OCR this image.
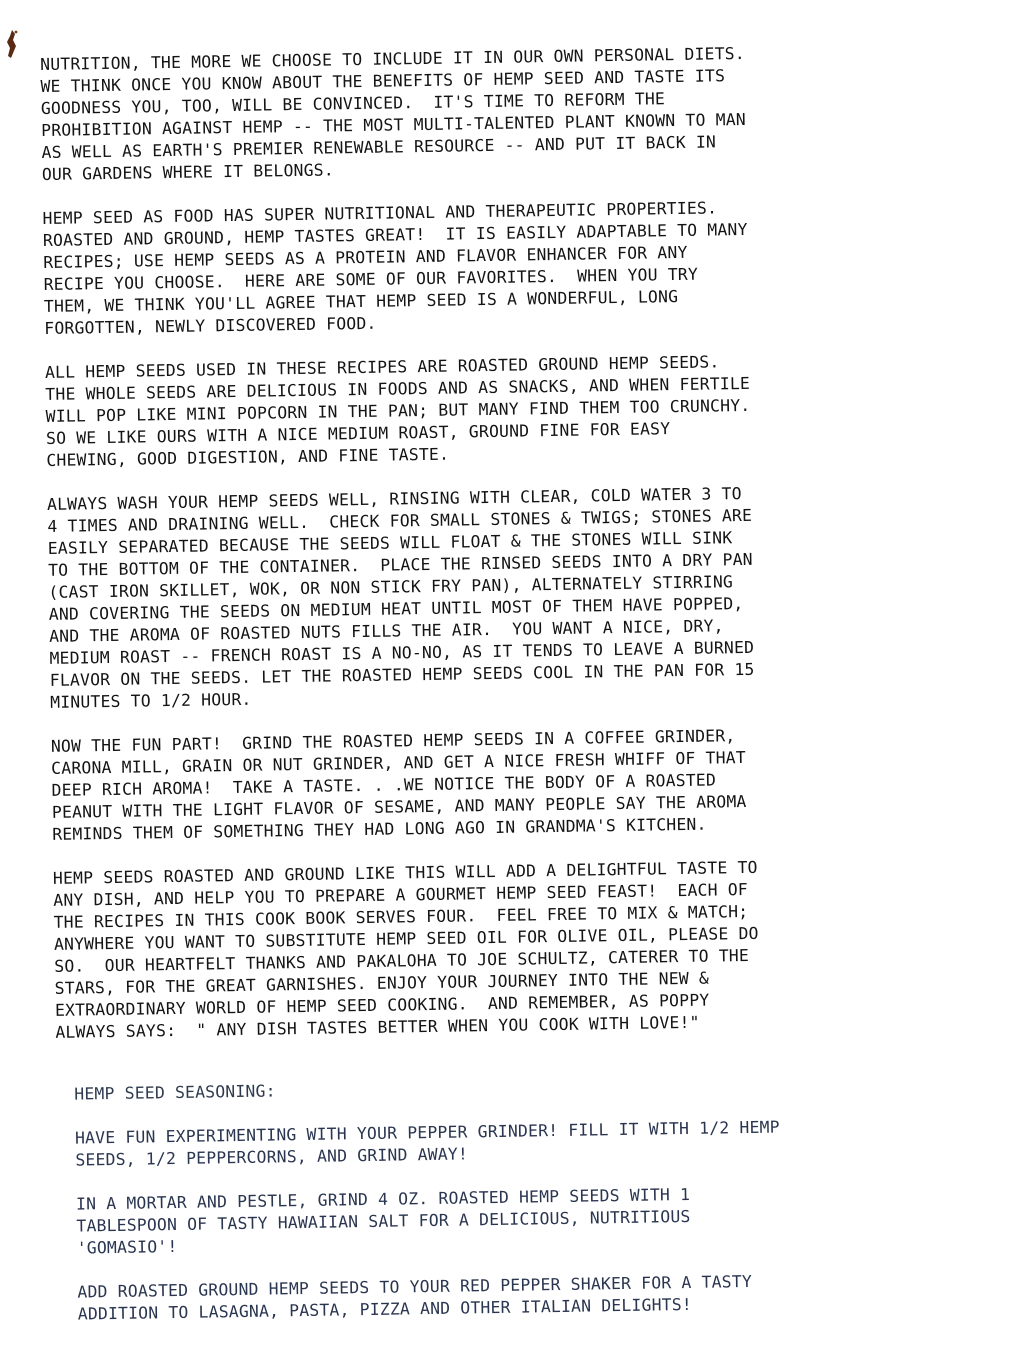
NUTRITION, THE MORE WE CHOOSE TO INCLUDE IT IN OUR OWN PERSONAL DIETS.
WE THINK ONCE YOU KNOW ABOUT THE BENEFITS OF HEMP SEED AND TASTE ITS
GOODNESS YOU, TOO, WILL BE CONVINCED.  IT'S TIME TO REFORM THE
PROHIBITION AGAINST HEMP -- THE MOST MULTI-TALENTED PLANT KNOWN TO MAN
AS WELL AS EARTH'S PREMIER RENEWABLE RESOURCE -- AND PUT IT BACK IN
OUR GARDENS WHERE IT BELONGS.
HEMP SEED AS FOOD HAS SUPER NUTRITIONAL AND THERAPEUTIC PROPERTIES.
ROASTED AND GROUND, HEMP TASTES GREAT!  IT IS EASILY ADAPTABLE TO MANY
RECIPES; USE HEMP SEEDS AS A PROTEIN AND FLAVOR ENHANCER FOR ANY
RECIPE YOU CHOOSE.  HERE ARE SOME OF OUR FAVORITES.  WHEN YOU TRY
THEM, WE THINK YOU'LL AGREE THAT HEMP SEED IS A WONDERFUL, LONG
FORGOTTEN, NEWLY DISCOVERED FOOD.
ALL HEMP SEEDS USED IN THESE RECIPES ARE ROASTED GROUND HEMP SEEDS.
THE WHOLE SEEDS ARE DELICIOUS IN FOODS AND AS SNACKS, AND WHEN FERTILE
WILL POP LIKE MINI POPCORN IN THE PAN; BUT MANY FIND THEM TOO CRUNCHY.
SO WE LIKE OURS WITH A NICE MEDIUM ROAST, GROUND FINE FOR EASY
CHEWING, GOOD DIGESTION, AND FINE TASTE.
ALWAYS WASH YOUR HEMP SEEDS WELL, RINSING WITH CLEAR, COLD WATER 3 TO
4 TIMES AND DRAINING WELL.  CHECK FOR SMALL STONES & TWIGS; STONES ARE
EASILY SEPARATED BECAUSE THE SEEDS WILL FLOAT & THE STONES WILL SINK
TO THE BOTTOM OF THE CONTAINER.  PLACE THE RINSED SEEDS INTO A DRY PAN
(CAST IRON SKILLET, WOK, OR NON STICK FRY PAN), ALTERNATELY STIRRING
AND COVERING THE SEEDS ON MEDIUM HEAT UNTIL MOST OF THEM HAVE POPPED,
AND THE AROMA OF ROASTED NUTS FILLS THE AIR.  YOU WANT A NICE, DRY,
MEDIUM ROAST -- FRENCH ROAST IS A NO-NO, AS IT TENDS TO LEAVE A BURNED
FLAVOR ON THE SEEDS. LET THE ROASTED HEMP SEEDS COOL IN THE PAN FOR 15
MINUTES TO 1/2 HOUR.
NOW THE FUN PART!  GRIND THE ROASTED HEMP SEEDS IN A COFFEE GRINDER,
CARONA MILL, GRAIN OR NUT GRINDER, AND GET A NICE FRESH WHIFF OF THAT
DEEP RICH AROMA!  TAKE A TASTE. . .WE NOTICE THE BODY OF A ROASTED
PEANUT WITH THE LIGHT FLAVOR OF SESAME, AND MANY PEOPLE SAY THE AROMA
REMINDS THEM OF SOMETHING THEY HAD LONG AGO IN GRANDMA'S KITCHEN.
HEMP SEEDS ROASTED AND GROUND LIKE THIS WILL ADD A DELIGHTFUL TASTE TO
ANY DISH, AND HELP YOU TO PREPARE A GOURMET HEMP SEED FEAST!  EACH OF
THE RECIPES IN THIS COOK BOOK SERVES FOUR.  FEEL FREE TO MIX & MATCH;
ANYWHERE YOU WANT TO SUBSTITUTE HEMP SEED OIL FOR OLIVE OIL, PLEASE DO
SO.  OUR HEARTFELT THANKS AND PAKALOHA TO JOE SCHULTZ, CATERER TO THE
STARS, FOR THE GREAT GARNISHES. ENJOY YOUR JOURNEY INTO THE NEW &
EXTRAORDINARY WORLD OF HEMP SEED COOKING.  AND REMEMBER, AS POPPY
ALWAYS SAYS:  " ANY DISH TASTES BETTER WHEN YOU COOK WITH LOVE!"
HEMP SEED SEASONING:
HAVE FUN EXPERIMENTING WITH YOUR PEPPER GRINDER! FILL IT WITH 1/2 HEMP
SEEDS, 1/2 PEPPERCORNS, AND GRIND AWAY!
IN A MORTAR AND PESTLE, GRIND 4 OZ. ROASTED HEMP SEEDS WITH 1
TABLESPOON OF TASTY HAWAIIAN SALT FOR A DELICIOUS, NUTRITIOUS
'GOMASIO'!
ADD ROASTED GROUND HEMP SEEDS TO YOUR RED PEPPER SHAKER FOR A TASTY
ADDITION TO LASAGNA, PASTA, PIZZA AND OTHER ITALIAN DELIGHTS!
